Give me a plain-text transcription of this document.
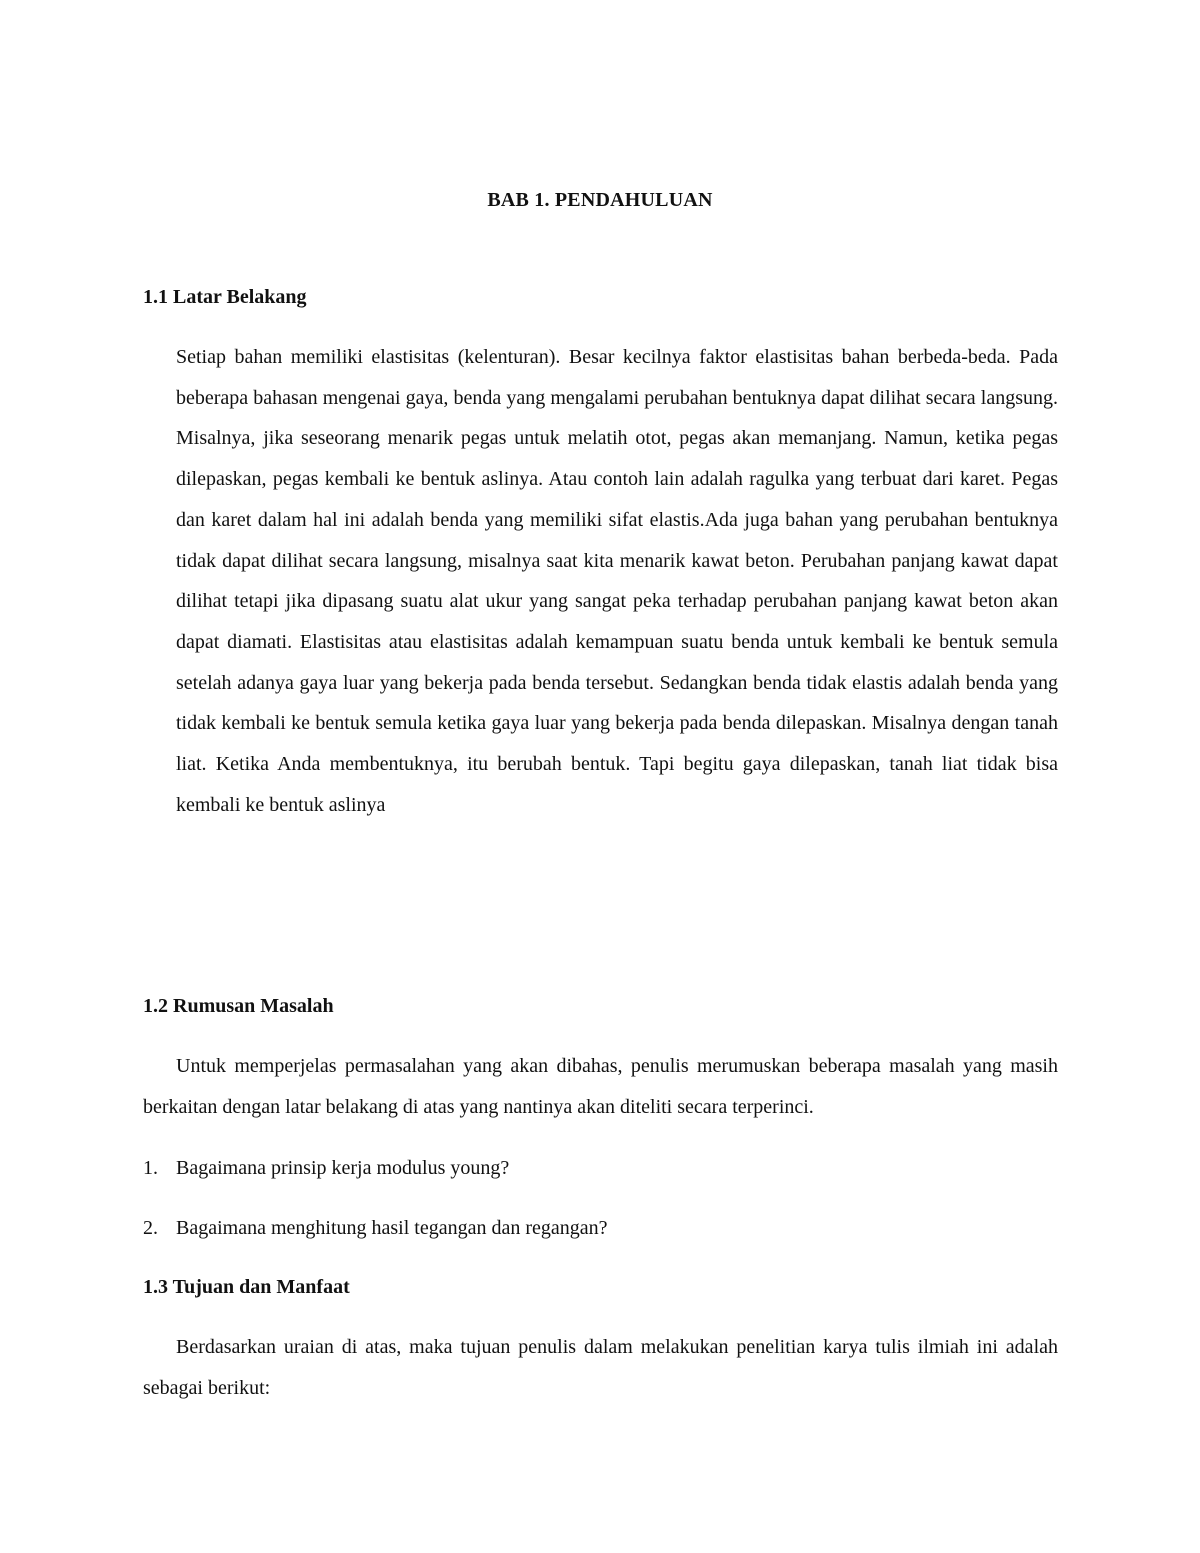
BAB 1. PENDAHULUAN
1.1 Latar Belakang

Setiap bahan memiliki elastisitas (kelenturan). Besar kecilnya faktor elastisitas bahan berbeda-beda. Pada beberapa bahasan mengenai gaya, benda yang mengalami perubahan bentuknya dapat dilihat secara langsung. Misalnya, jika seseorang menarik pegas untuk melatih otot, pegas akan memanjang. Namun, ketika pegas dilepaskan, pegas kembali ke bentuk aslinya. Atau contoh lain adalah ragulka yang terbuat dari karet. Pegas dan karet dalam hal ini adalah benda yang memiliki sifat elastis.Ada juga bahan yang perubahan bentuknya tidak dapat dilihat secara langsung, misalnya saat kita menarik kawat beton. Perubahan panjang kawat dapat dilihat tetapi jika dipasang suatu alat ukur yang sangat peka terhadap perubahan panjang kawat beton akan dapat diamati. Elastisitas atau elastisitas adalah kemampuan suatu benda untuk kembali ke bentuk semula setelah adanya gaya luar yang bekerja pada benda tersebut. Sedangkan benda tidak elastis adalah benda yang tidak kembali ke bentuk semula ketika gaya luar yang bekerja pada benda dilepaskan. Misalnya dengan tanah liat. Ketika Anda membentuknya, itu berubah bentuk. Tapi begitu gaya dilepaskan, tanah liat tidak bisa kembali ke bentuk aslinya

1.2 Rumusan Masalah

Untuk memperjelas permasalahan yang akan dibahas, penulis merumuskan beberapa masalah yang masih berkaitan dengan latar belakang di atas yang nantinya akan diteliti secara terperinci.

1. Bagaimana prinsip kerja modulus young?
2. Bagaimana menghitung hasil tegangan dan regangan?
1.3 Tujuan dan Manfaat

Berdasarkan uraian di atas, maka tujuan penulis dalam melakukan penelitian karya tulis ilmiah ini adalah sebagai berikut:
